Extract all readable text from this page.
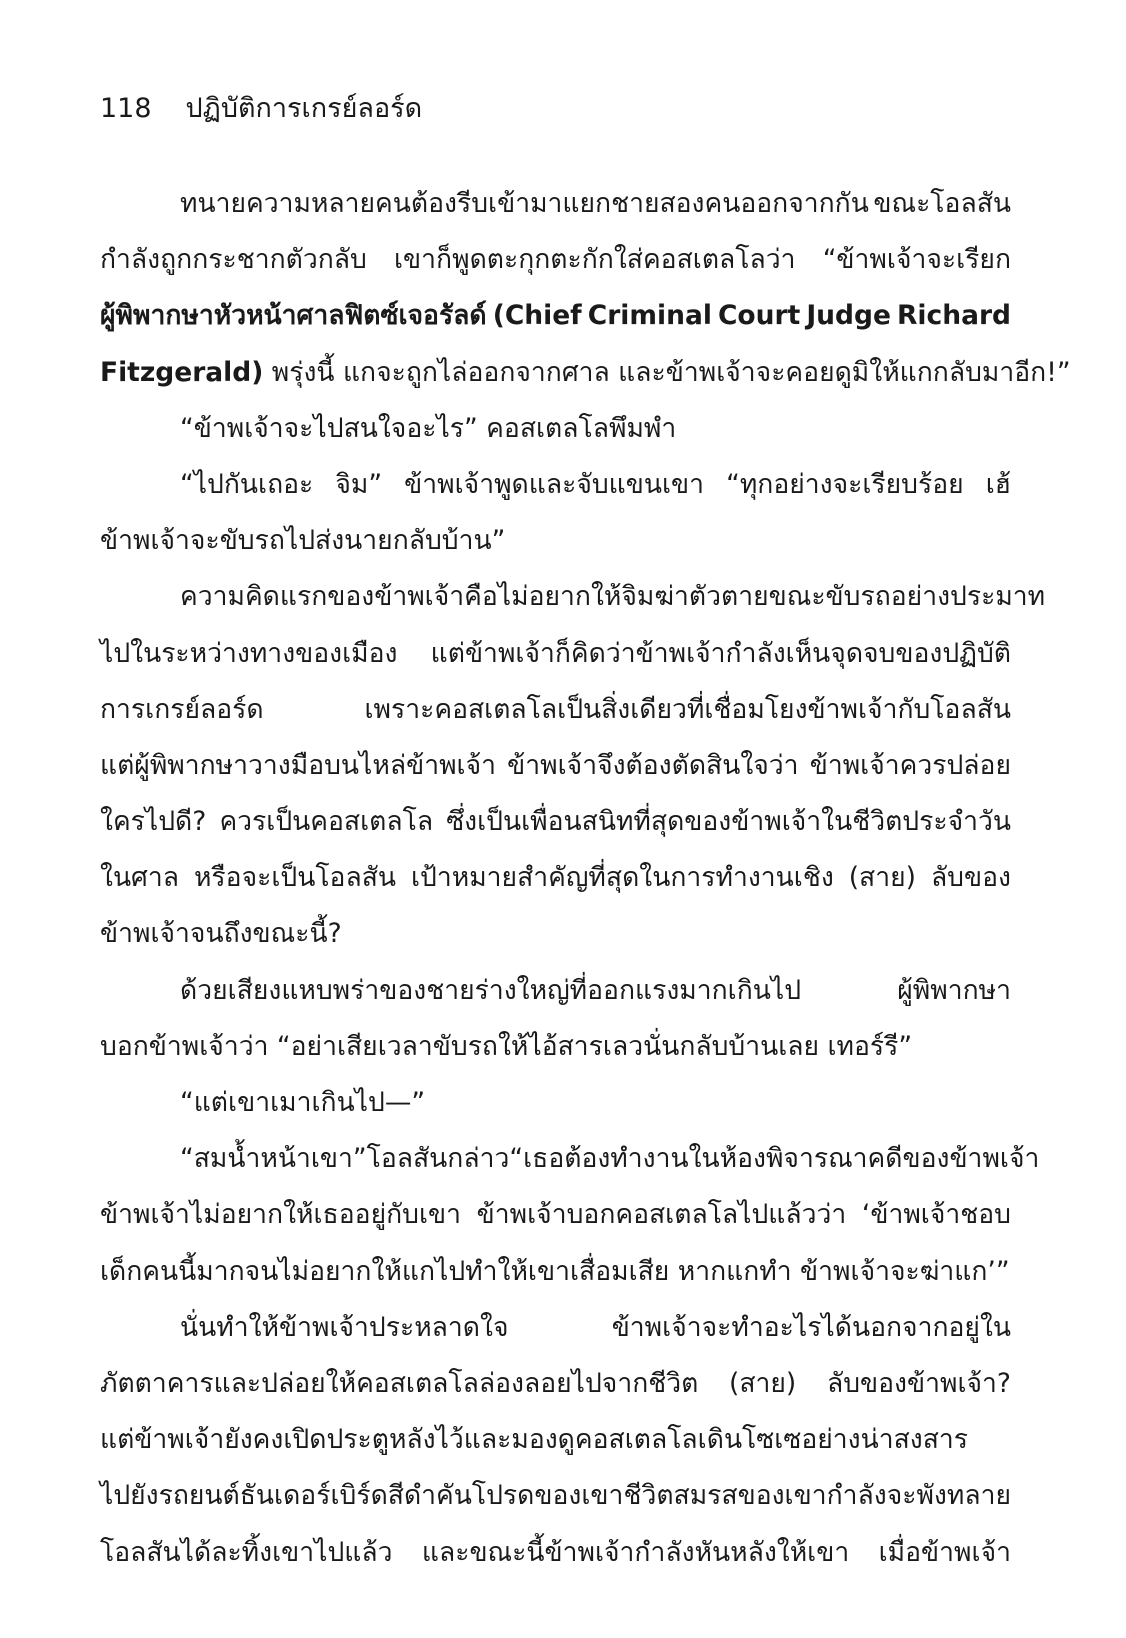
118 ปฏิบัติการเกรย์ลอร์ด
ทนายความหลายคนต้องรีบเข้ามาแยกชายสองคนออกจากกัน ขณะโอลสัน
กำลังถูกกระชากตัวกลับ เขาก็พูดตะกุกตะกักใส่คอสเตลโลว่า “ข้าพเจ้าจะเรียก
ผู้พิพากษาหัวหน้าศาลฟิตซ์เจอรัลด์ (Chief Criminal Court Judge Richard
Fitzgerald) พรุ่งนี้ แกจะถูกไล่ออกจากศาล และข้าพเจ้าจะคอยดูมิให้แกกลับมาอีก!”
“ข้าพเจ้าจะไปสนใจอะไร” คอสเตลโลพึมพำ
“ไปกันเถอะ จิม” ข้าพเจ้าพูดและจับแขนเขา “ทุกอย่างจะเรียบร้อย เฮ้
ข้าพเจ้าจะขับรถไปส่งนายกลับบ้าน”
ความคิดแรกของข้าพเจ้าคือไม่อยากให้จิมฆ่าตัวตายขณะขับรถอย่างประมาท
ไปในระหว่างทางของเมือง แต่ข้าพเจ้าก็คิดว่าข้าพเจ้ากำลังเห็นจุดจบของปฏิบัติ
การเกรย์ลอร์ด	เพราะคอสเตลโลเป็นสิ่งเดียวที่เชื่อมโยงข้าพเจ้ากับโอลสัน
แต่ผู้พิพากษาวางมือบนไหล่ข้าพเจ้า ข้าพเจ้าจึงต้องตัดสินใจว่า ข้าพเจ้าควรปล่อย
ใครไปดี? ควรเป็นคอสเตลโล ซึ่งเป็นเพื่อนสนิทที่สุดของข้าพเจ้าในชีวิตประจำวัน
ในศาล หรือจะเป็นโอลสัน เป้าหมายสำคัญที่สุดในการทำงานเชิง (สาย) ลับของ
ข้าพเจ้าจนถึงขณะนี้?
ด้วยเสียงแหบพร่าของชายร่างใหญ่ที่ออกแรงมากเกินไป	ผู้พิพากษา
บอกข้าพเจ้าว่า “อย่าเสียเวลาขับรถให้ไอ้สารเลวนั่นกลับบ้านเลย เทอร์รี”
“แต่เขาเมาเกินไป—”
“สมน้ำหน้าเขา” โอลสันกล่าว “เธอต้องทำงานในห้องพิจารณาคดีของข้าพเจ้า
ข้าพเจ้าไม่อยากให้เธออยู่กับเขา ข้าพเจ้าบอกคอสเตลโลไปแล้วว่า ‘ข้าพเจ้าชอบ
เด็กคนนี้มากจนไม่อยากให้แกไปทำให้เขาเสื่อมเสีย หากแกทำ ข้าพเจ้าจะฆ่าแก’”
นั่นทำให้ข้าพเจ้าประหลาดใจ	ข้าพเจ้าจะทำอะไรได้นอกจากอยู่ใน
ภัตตาคารและปล่อยให้คอสเตลโลล่องลอยไปจากชีวิต (สาย) ลับของข้าพเจ้า?
แต่ข้าพเจ้ายังคงเปิดประตูหลังไว้และมองดูคอสเตลโลเดินโซเซอย่างน่าสงสาร
ไปยังรถยนต์ธันเดอร์เบิร์ดสีดำคันโปรดของเขา ชีวิตสมรสของเขากำลังจะพังทลาย
โอลสันได้ละทิ้งเขาไปแล้ว และขณะนี้ข้าพเจ้ากำลังหันหลังให้เขา เมื่อข้าพเจ้า
